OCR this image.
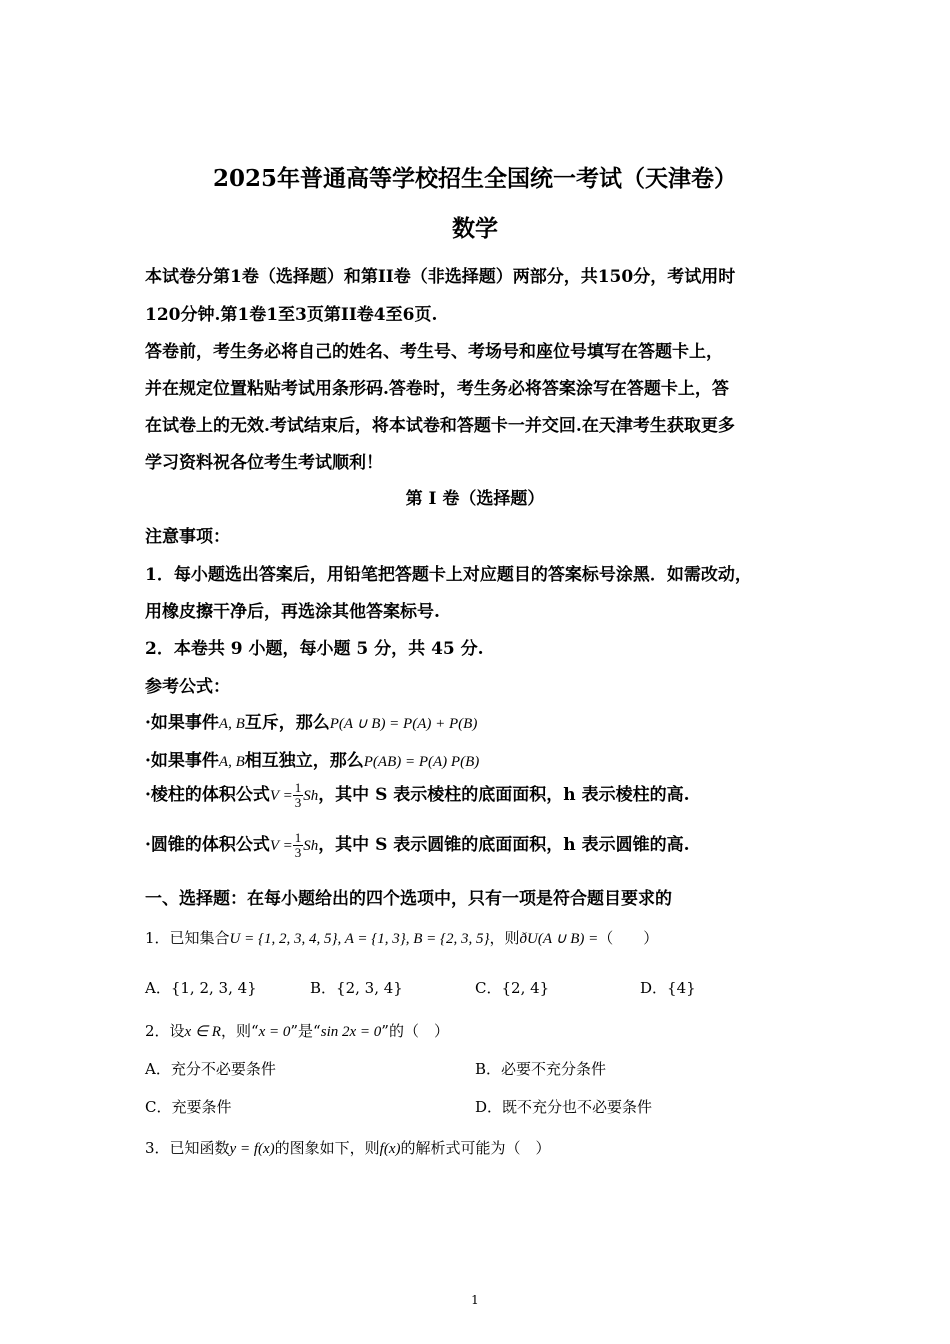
2025年普通高等学校招生全国统一考试（天津卷）
数学
本试卷分第1卷（选择题）和第II卷（非选择题）两部分，共150分，考试用时
120分钟.第1卷1至3页第II卷4至6页.
答卷前，考生务必将自己的姓名、考生号、考场号和座位号填写在答题卡上，
并在规定位置粘贴考试用条形码.答卷时，考生务必将答案涂写在答题卡上，答
在试卷上的无效.考试结束后，将本试卷和答题卡一并交回.在天津考生获取更多
学习资料祝各位考生考试顺利！
第 I 卷（选择题）
注意事项：
1．每小题选出答案后，用铅笔把答题卡上对应题目的答案标号涂黑．如需改动，
用橡皮擦干净后，再选涂其他答案标号.
2．本卷共 9 小题，每小题 5 分，共 45 分.
参考公式：
·如果事件A, B互斥，那么P(A ∪ B) = P(A) + P(B)
·如果事件A, B相互独立，那么P(AB) = P(A) P(B)
·棱柱的体积公式$V = \frac{1}{3}$ Sh，其中 S 表示棱柱的底面面积，h 表示棱柱的高.
·圆锥的体积公式$V = \frac{1}{3}$ Sh，其中 S 表示圆锥的底面面积，h 表示圆锥的高.
一、选择题：在每小题给出的四个选项中，只有一项是符合题目要求的
1．已知集合U = {1, 2, 3, 4, 5}, A = {1, 3}, B = {2, 3, 5}，则ðU(A ∪ B) =（　　）
A．{1, 2, 3, 4}	B．{2, 3, 4}	C．{2, 4}	D．{4}
2．设x ∈ R，则“x = 0”是“sin 2x = 0”的（　）
A．充分不必要条件	B．必要不充分条件
C．充要条件	D．既不充分也不必要条件
3．已知函数y = f(x)的图象如下，则f(x)的解析式可能为（　）
1
